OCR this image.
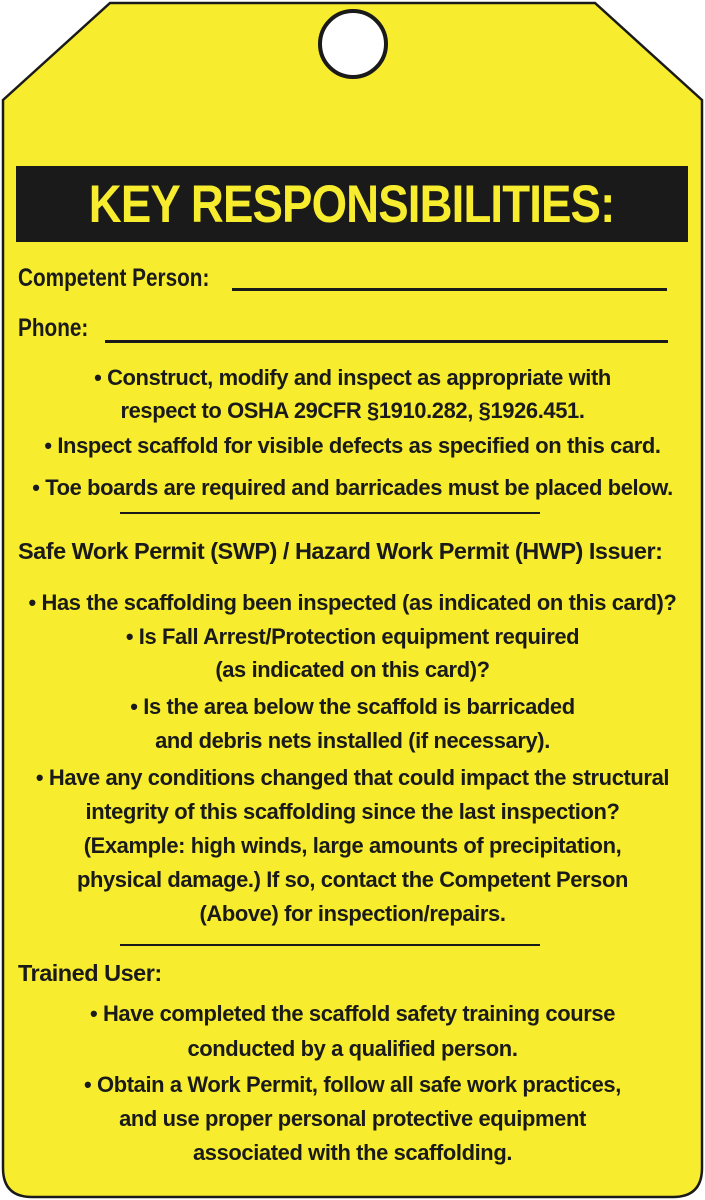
KEY RESPONSIBILITIES:
Competent Person:
Phone:
• Construct, modify and inspect as appropriate with
respect to OSHA 29CFR §1910.282, §1926.451.
• Inspect scaffold for visible defects as specified on this card.
• Toe boards are required and barricades must be placed below.
Safe Work Permit (SWP) / Hazard Work Permit (HWP) Issuer:
• Has the scaffolding been inspected (as indicated on this card)?
• Is Fall Arrest/Protection equipment required
(as indicated on this card)?
• Is the area below the scaffold is barricaded
and debris nets installed (if necessary).
• Have any conditions changed that could impact the structural
integrity of this scaffolding since the last inspection?
(Example: high winds, large amounts of precipitation,
physical damage.) If so, contact the Competent Person
(Above) for inspection/repairs.
Trained User:
• Have completed the scaffold safety training course
conducted by a qualified person.
• Obtain a Work Permit, follow all safe work practices,
and use proper personal protective equipment
associated with the scaffolding.
